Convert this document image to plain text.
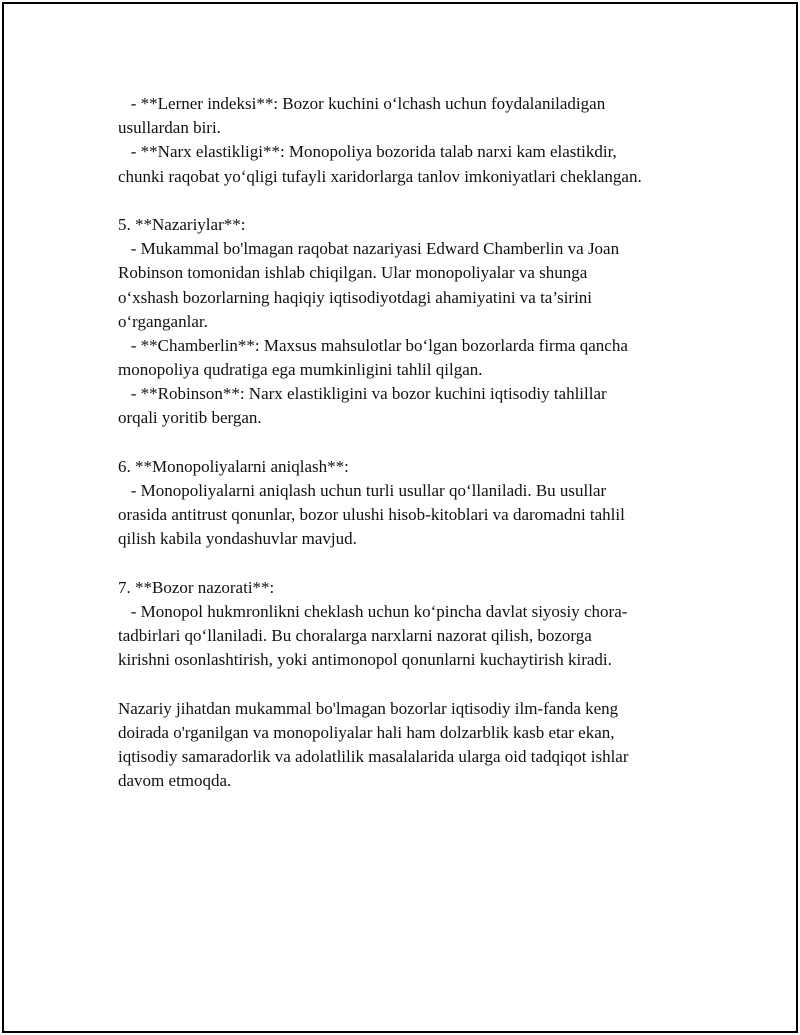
- **Lerner indeksi**: Bozor kuchini o‘lchash uchun foydalaniladigan
usullardan biri.
- **Narx elastikligi**: Monopoliya bozorida talab narxi kam elastikdir,
chunki raqobat yo‘qligi tufayli xaridorlarga tanlov imkoniyatlari cheklangan.
5. **Nazariylar**:
- Mukammal bo'lmagan raqobat nazariyasi Edward Chamberlin va Joan
Robinson tomonidan ishlab chiqilgan. Ular monopoliyalar va shunga
o‘xshash bozorlarning haqiqiy iqtisodiyotdagi ahamiyatini va ta’sirini
o‘rganganlar.
- **Chamberlin**: Maxsus mahsulotlar bo‘lgan bozorlarda firma qancha
monopoliya qudratiga ega mumkinligini tahlil qilgan.
- **Robinson**: Narx elastikligini va bozor kuchini iqtisodiy tahlillar
orqali yoritib bergan.
6. **Monopoliyalarni aniqlash**:
- Monopoliyalarni aniqlash uchun turli usullar qo‘llaniladi. Bu usullar
orasida antitrust qonunlar, bozor ulushi hisob-kitoblari va daromadni tahlil
qilish kabila yondashuvlar mavjud.
7. **Bozor nazorati**:
- Monopol hukmronlikni cheklash uchun ko‘pincha davlat siyosiy chora-
tadbirlari qo‘llaniladi. Bu choralarga narxlarni nazorat qilish, bozorga
kirishni osonlashtirish, yoki antimonopol qonunlarni kuchaytirish kiradi.
Nazariy jihatdan mukammal bo'lmagan bozorlar iqtisodiy ilm-fanda keng
doirada o'rganilgan va monopoliyalar hali ham dolzarblik kasb etar ekan,
iqtisodiy samaradorlik va adolatlilik masalalarida ularga oid tadqiqot ishlar
davom etmoqda.
